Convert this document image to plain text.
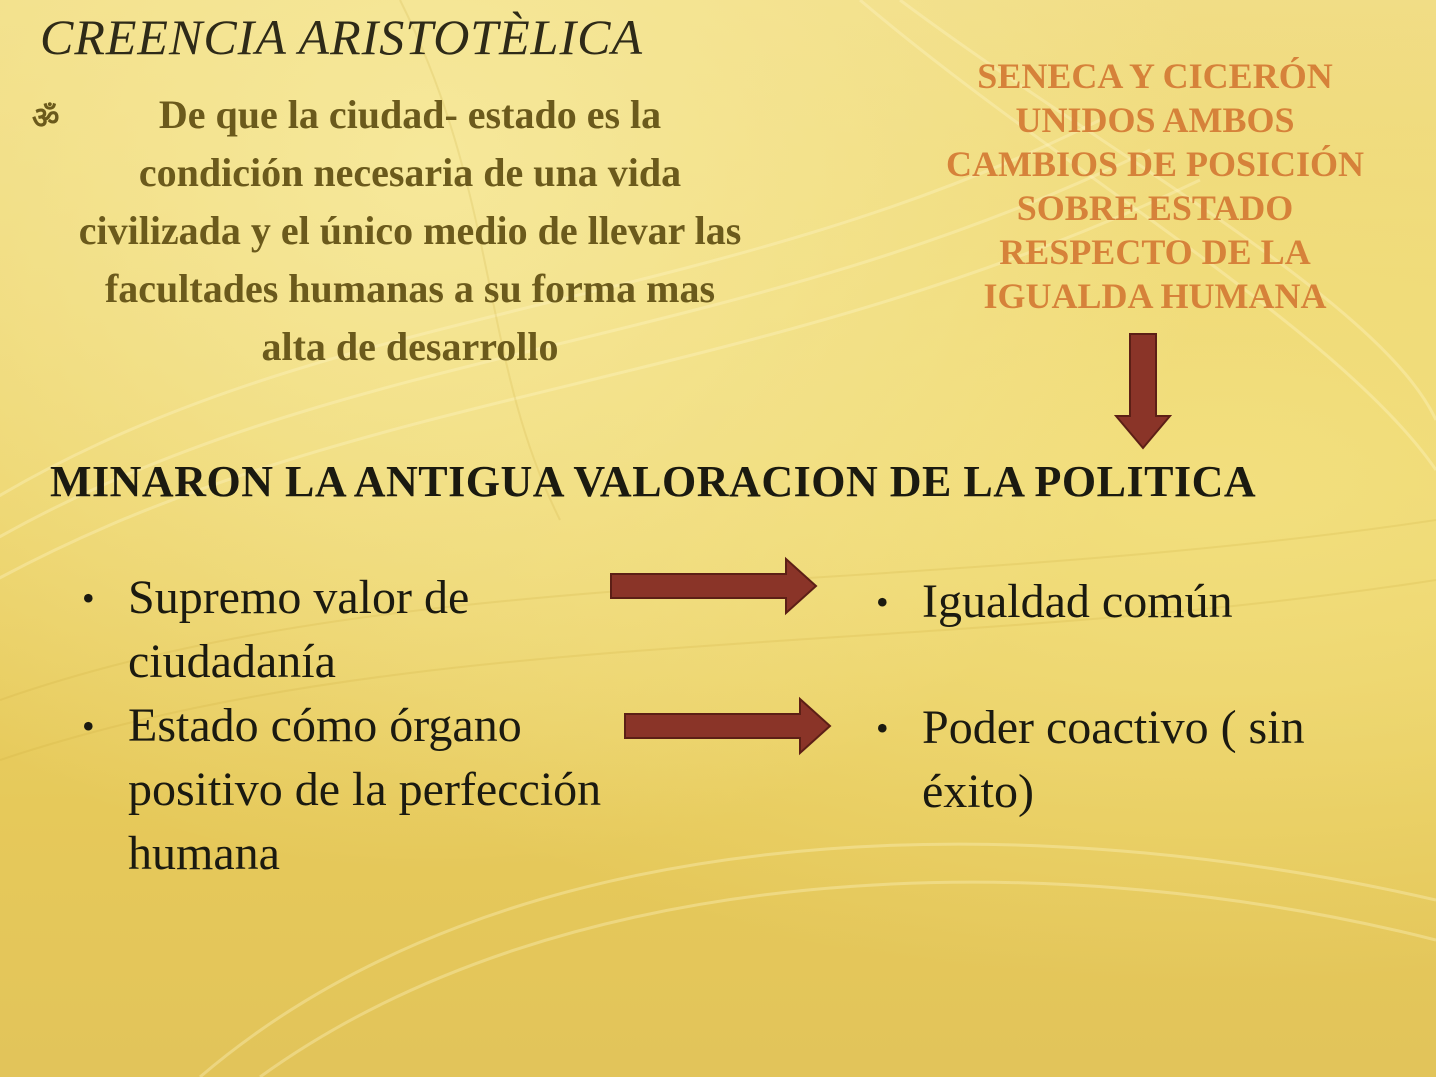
CREENCIA ARISTOTÈLICA
ॐ	De que la ciudad- estado es la condición necesaria de una vida civilizada y el único medio de llevar las facultades humanas a su forma mas alta de desarrollo
SENECA Y CICERÓN
UNIDOS AMBOS
CAMBIOS DE POSICIÓN
SOBRE ESTADO
RESPECTO DE LA
IGUALDA HUMANA
MINARON LA ANTIGUA VALORACION DE LA POLITICA
• Supremo valor de ciudadanía
• Estado cómo órgano positivo de la perfección humana
• Igualdad común
• Poder coactivo ( sin éxito)
